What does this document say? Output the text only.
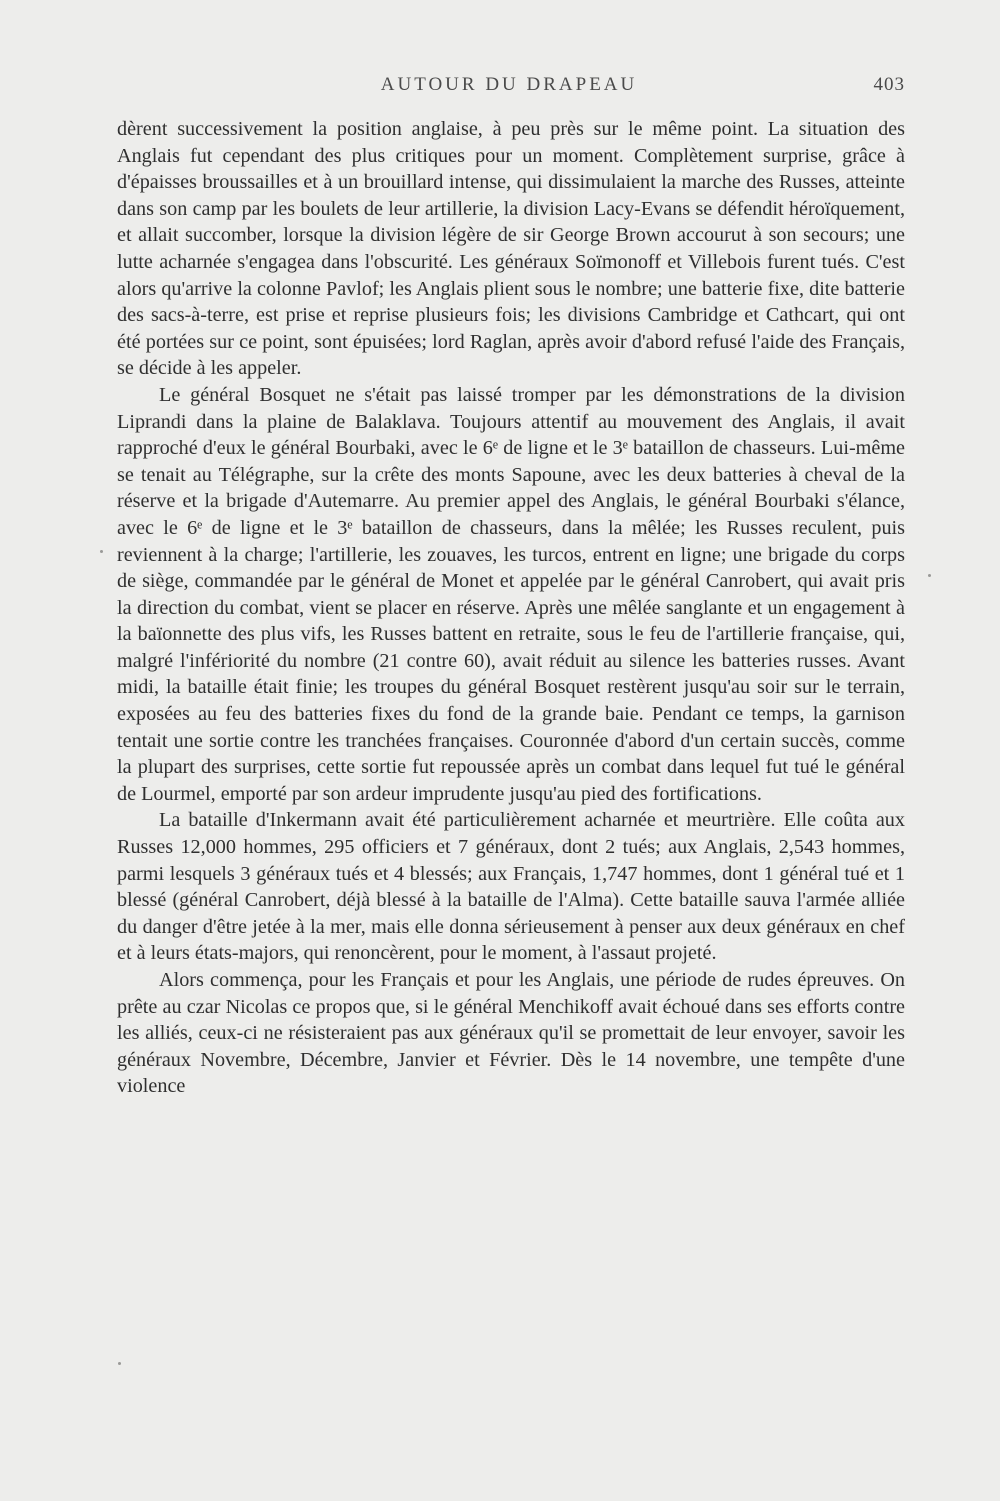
AUTOUR DU DRAPEAU	403

dèrent successivement la position anglaise, à peu près sur le même point. La situation des Anglais fut cependant des plus critiques pour un moment. Complètement surprise, grâce à d'épaisses broussailles et à un brouillard intense, qui dissimulaient la marche des Russes, atteinte dans son camp par les boulets de leur artillerie, la division Lacy-Evans se défendit héroïquement, et allait succomber, lorsque la division légère de sir George Brown accourut à son secours; une lutte acharnée s'engagea dans l'obscurité. Les généraux Soïmonoff et Villebois furent tués. C'est alors qu'arrive la colonne Pavlof; les Anglais plient sous le nombre; une batterie fixe, dite batterie des sacs-à-terre, est prise et reprise plusieurs fois; les divisions Cambridge et Cathcart, qui ont été portées sur ce point, sont épuisées; lord Raglan, après avoir d'abord refusé l'aide des Français, se décide à les appeler.

Le général Bosquet ne s'était pas laissé tromper par les démonstrations de la division Liprandi dans la plaine de Balaklava. Toujours attentif au mouvement des Anglais, il avait rapproché d'eux le général Bourbaki, avec le 6ᵉ de ligne et le 3ᵉ bataillon de chasseurs. Lui-même se tenait au Télégraphe, sur la crête des monts Sapoune, avec les deux batteries à cheval de la réserve et la brigade d'Autemarre. Au premier appel des Anglais, le général Bourbaki s'élance, avec le 6ᵉ de ligne et le 3ᵉ bataillon de chasseurs, dans la mêlée; les Russes reculent, puis reviennent à la charge; l'artillerie, les zouaves, les turcos, entrent en ligne; une brigade du corps de siège, commandée par le général de Monet et appelée par le général Canrobert, qui avait pris la direction du combat, vient se placer en réserve. Après une mêlée sanglante et un engagement à la baïonnette des plus vifs, les Russes battent en retraite, sous le feu de l'artillerie française, qui, malgré l'infériorité du nombre (21 contre 60), avait réduit au silence les batteries russes. Avant midi, la bataille était finie; les troupes du général Bosquet restèrent jusqu'au soir sur le terrain, exposées au feu des batteries fixes du fond de la grande baie. Pendant ce temps, la garnison tentait une sortie contre les tranchées françaises. Couronnée d'abord d'un certain succès, comme la plupart des surprises, cette sortie fut repoussée après un combat dans lequel fut tué le général de Lourmel, emporté par son ardeur imprudente jusqu'au pied des fortifications.

La bataille d'Inkermann avait été particulièrement acharnée et meurtrière. Elle coûta aux Russes 12,000 hommes, 295 officiers et 7 généraux, dont 2 tués; aux Anglais, 2,543 hommes, parmi lesquels 3 généraux tués et 4 blessés; aux Français, 1,747 hommes, dont 1 général tué et 1 blessé (général Canrobert, déjà blessé à la bataille de l'Alma). Cette bataille sauva l'armée alliée du danger d'être jetée à la mer, mais elle donna sérieusement à penser aux deux généraux en chef et à leurs états-majors, qui renoncèrent, pour le moment, à l'assaut projeté.

Alors commença, pour les Français et pour les Anglais, une période de rudes épreuves. On prête au czar Nicolas ce propos que, si le général Menchikoff avait échoué dans ses efforts contre les alliés, ceux-ci ne résisteraient pas aux généraux qu'il se promettait de leur envoyer, savoir les généraux Novembre, Décembre, Janvier et Février. Dès le 14 novembre, une tempête d'une violence
